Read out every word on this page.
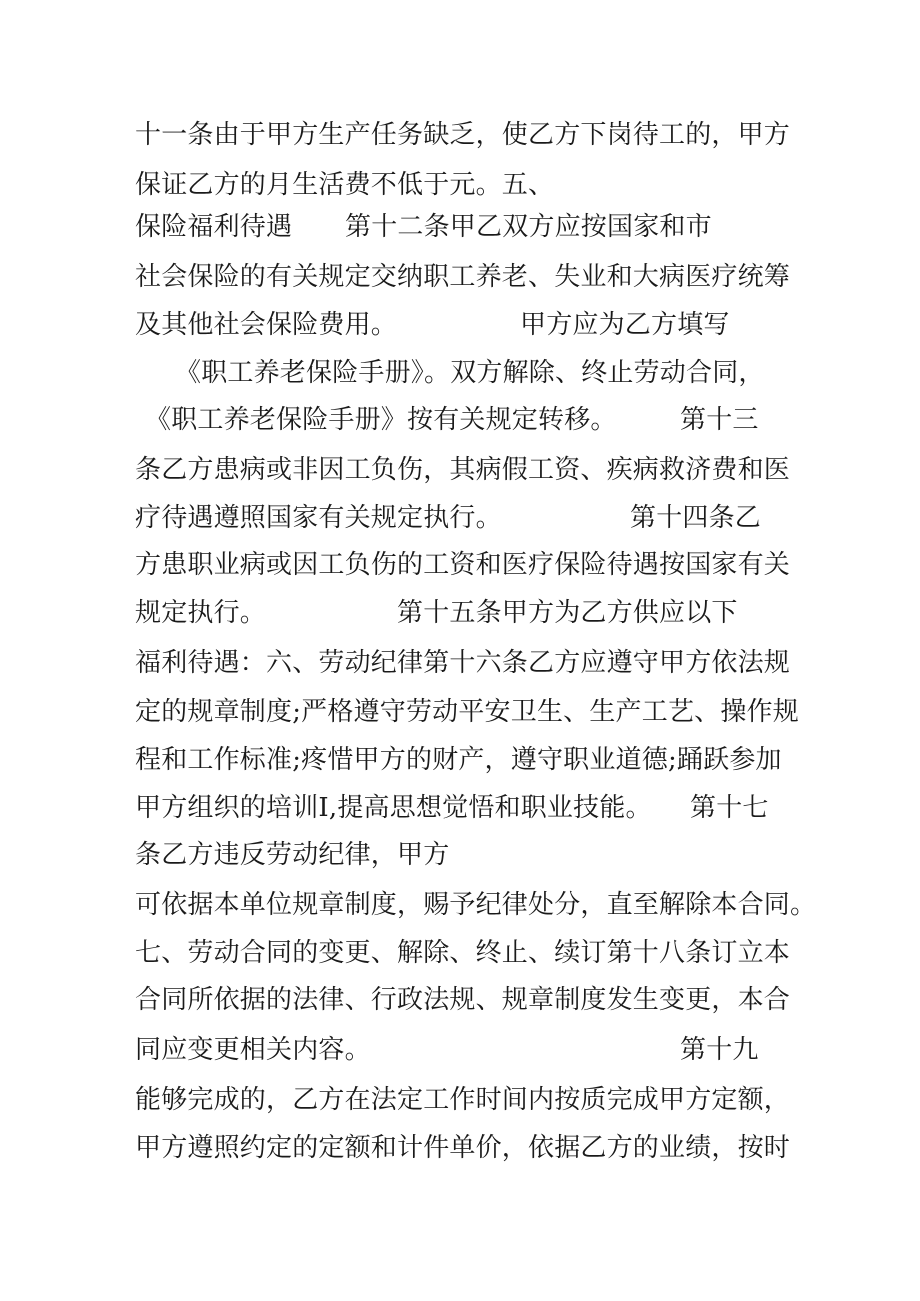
十一条由于甲方生产任务缺乏，使乙方下岗待工的，甲方
保证乙方的月生活费不低于元。五、
保险福利待遇 第十二条甲乙双方应按国家和市
社会保险的有关规定交纳职工养老、失业和大病医疗统筹
及其他社会保险费用。	甲方应为乙方填写
《职工养老保险手册》。双方解除、终止劳动合同，
《职工养老保险手册》按有关规定转移。 第十三
条乙方患病或非因工负伤，其病假工资、疾病救济费和医
疗待遇遵照国家有关规定执行。	第十四条乙
方患职业病或因工负伤的工资和医疗保险待遇按国家有关
规定执行。	第十五条甲方为乙方供应以下
福利待遇：六、劳动纪律第十六条乙方应遵守甲方依法规
定的规章制度;严格遵守劳动平安卫生、生产工艺、操作规
程和工作标准;疼惜甲方的财产，遵守职业道德;踊跃参加
甲方组织的培训I,提高思想觉悟和职业技能。 第十七
条乙方违反劳动纪律，甲方
可依据本单位规章制度，赐予纪律处分，直至解除本合同。
七、劳动合同的变更、解除、终止、续订第十八条订立本
合同所依据的法律、行政法规、规章制度发生变更，本合
同应变更相关内容。	第十九
能够完成的，乙方在法定工作时间内按质完成甲方定额，
甲方遵照约定的定额和计件单价，依据乙方的业绩，按时
